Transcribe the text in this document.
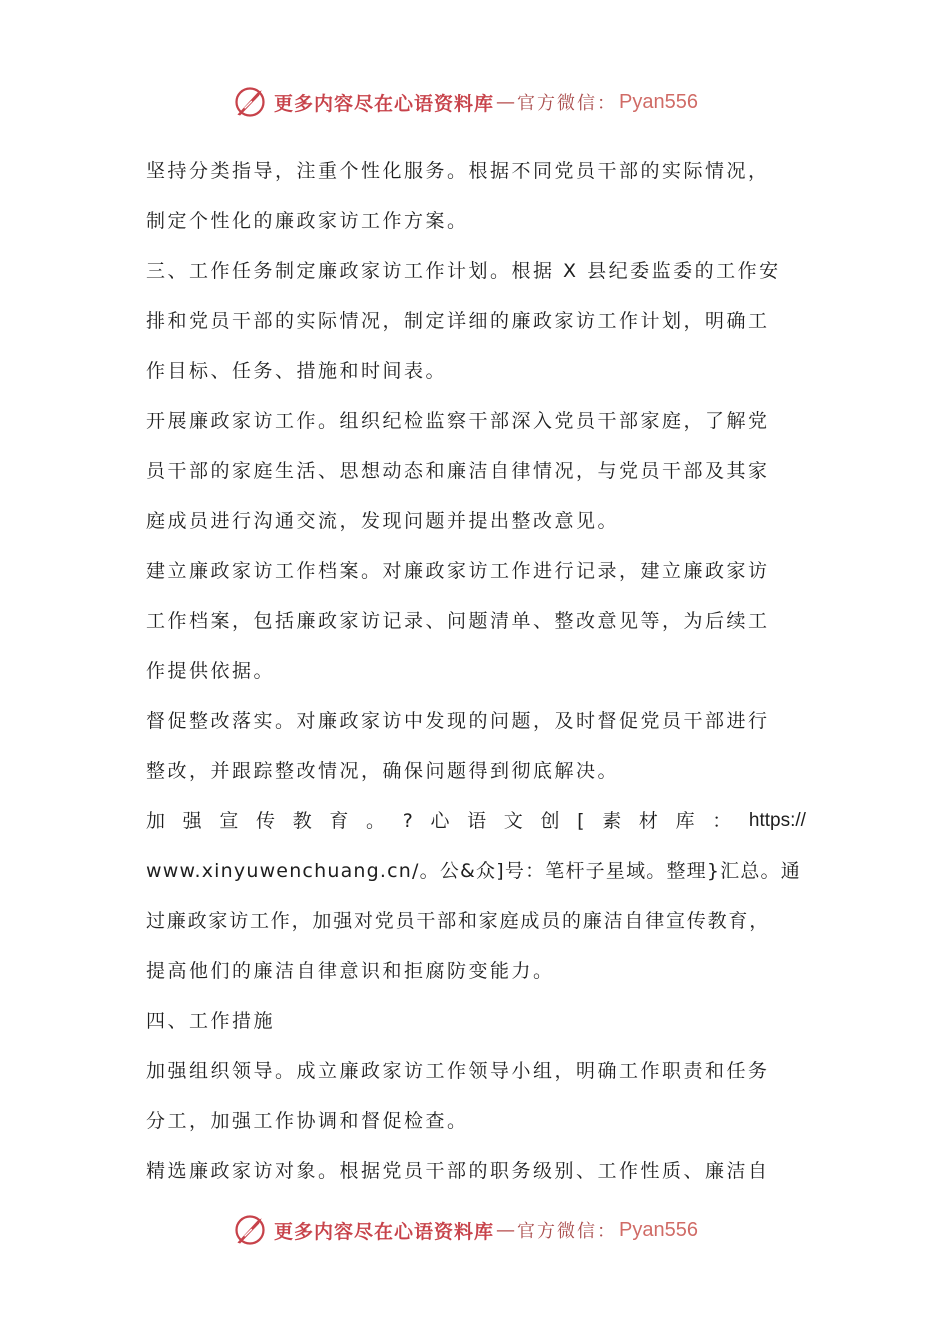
更多内容尽在心语资料库 — 官方微信： Pyan556
坚持分类指导，注重个性化服务。根据不同党员干部的实际情况，
制定个性化的廉政家访工作方案。
三、工作任务制定廉政家访工作计划。根据 X 县纪委监委的工作安
排和党员干部的实际情况，制定详细的廉政家访工作计划，明确工
作目标、任务、措施和时间表。
开展廉政家访工作。组织纪检监察干部深入党员干部家庭，了解党
员干部的家庭生活、思想动态和廉洁自律情况，与党员干部及其家
庭成员进行沟通交流，发现问题并提出整改意见。
建立廉政家访工作档案。对廉政家访工作进行记录，建立廉政家访
工作档案，包括廉政家访记录、问题清单、整改意见等，为后续工
作提供依据。
督促整改落实。对廉政家访中发现的问题，及时督促党员干部进行
整改，并跟踪整改情况，确保问题得到彻底解决。
加 强 宣 传 教 育 。 ? 心 语 文 创 [ 素 材 库 ： https://
www.xinyuwenchuang.cn/。公&众]号：笔杆子星域。整理}汇总。通
过廉政家访工作，加强对党员干部和家庭成员的廉洁自律宣传教育，
提高他们的廉洁自律意识和拒腐防变能力。
四、工作措施
加强组织领导。成立廉政家访工作领导小组，明确工作职责和任务
分工，加强工作协调和督促检查。
精选廉政家访对象。根据党员干部的职务级别、工作性质、廉洁自
更多内容尽在心语资料库 — 官方微信： Pyan556
